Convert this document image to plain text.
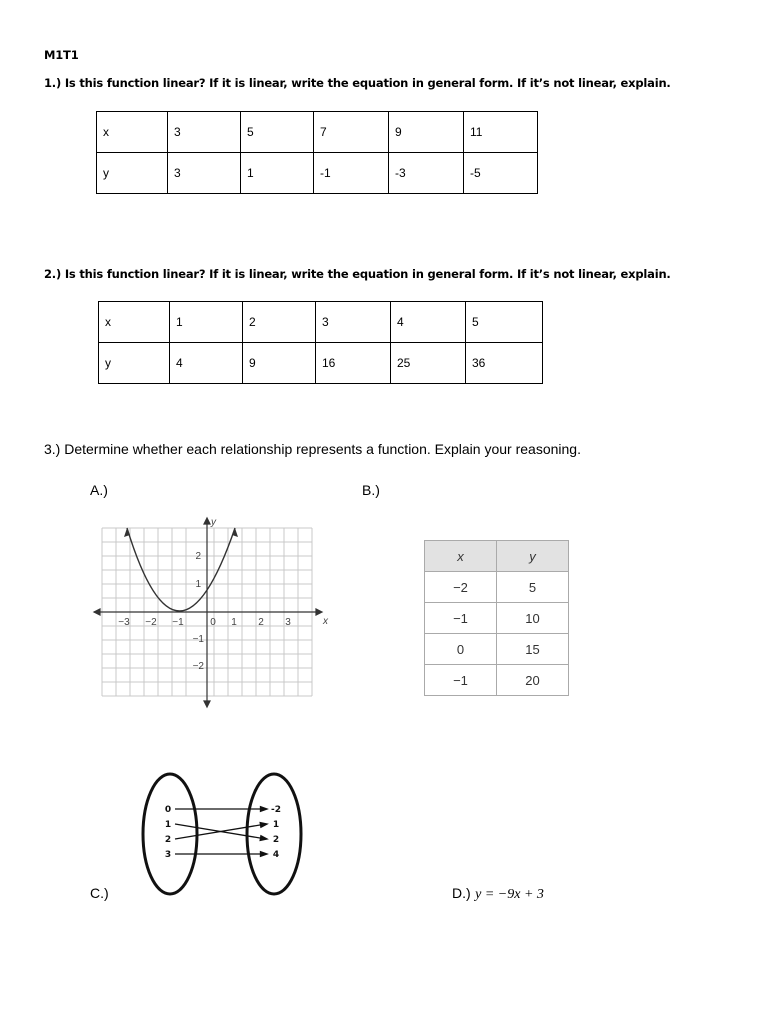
M1T1
1.) Is this function linear? If it is linear, write the equation in general form. If it’s not linear, explain.
x	3	5	7	9	11
y	3	1	-1	-3	-5
2.) Is this function linear? If it is linear, write the equation in general form. If it’s not linear, explain.
x	1	2	3	4	5
y	4	9	16	25	36
3.) Determine whether each relationship represents a function. Explain your reasoning.
A.)	B.)
−3 −2 −1	0 1 2 3
2
1
−1
−2
x
y
x	y
−2	5
−1	10
0	15
−1	20
0
1
2
3
-2
1
2
4
C.)	D.) y = −9x + 3
